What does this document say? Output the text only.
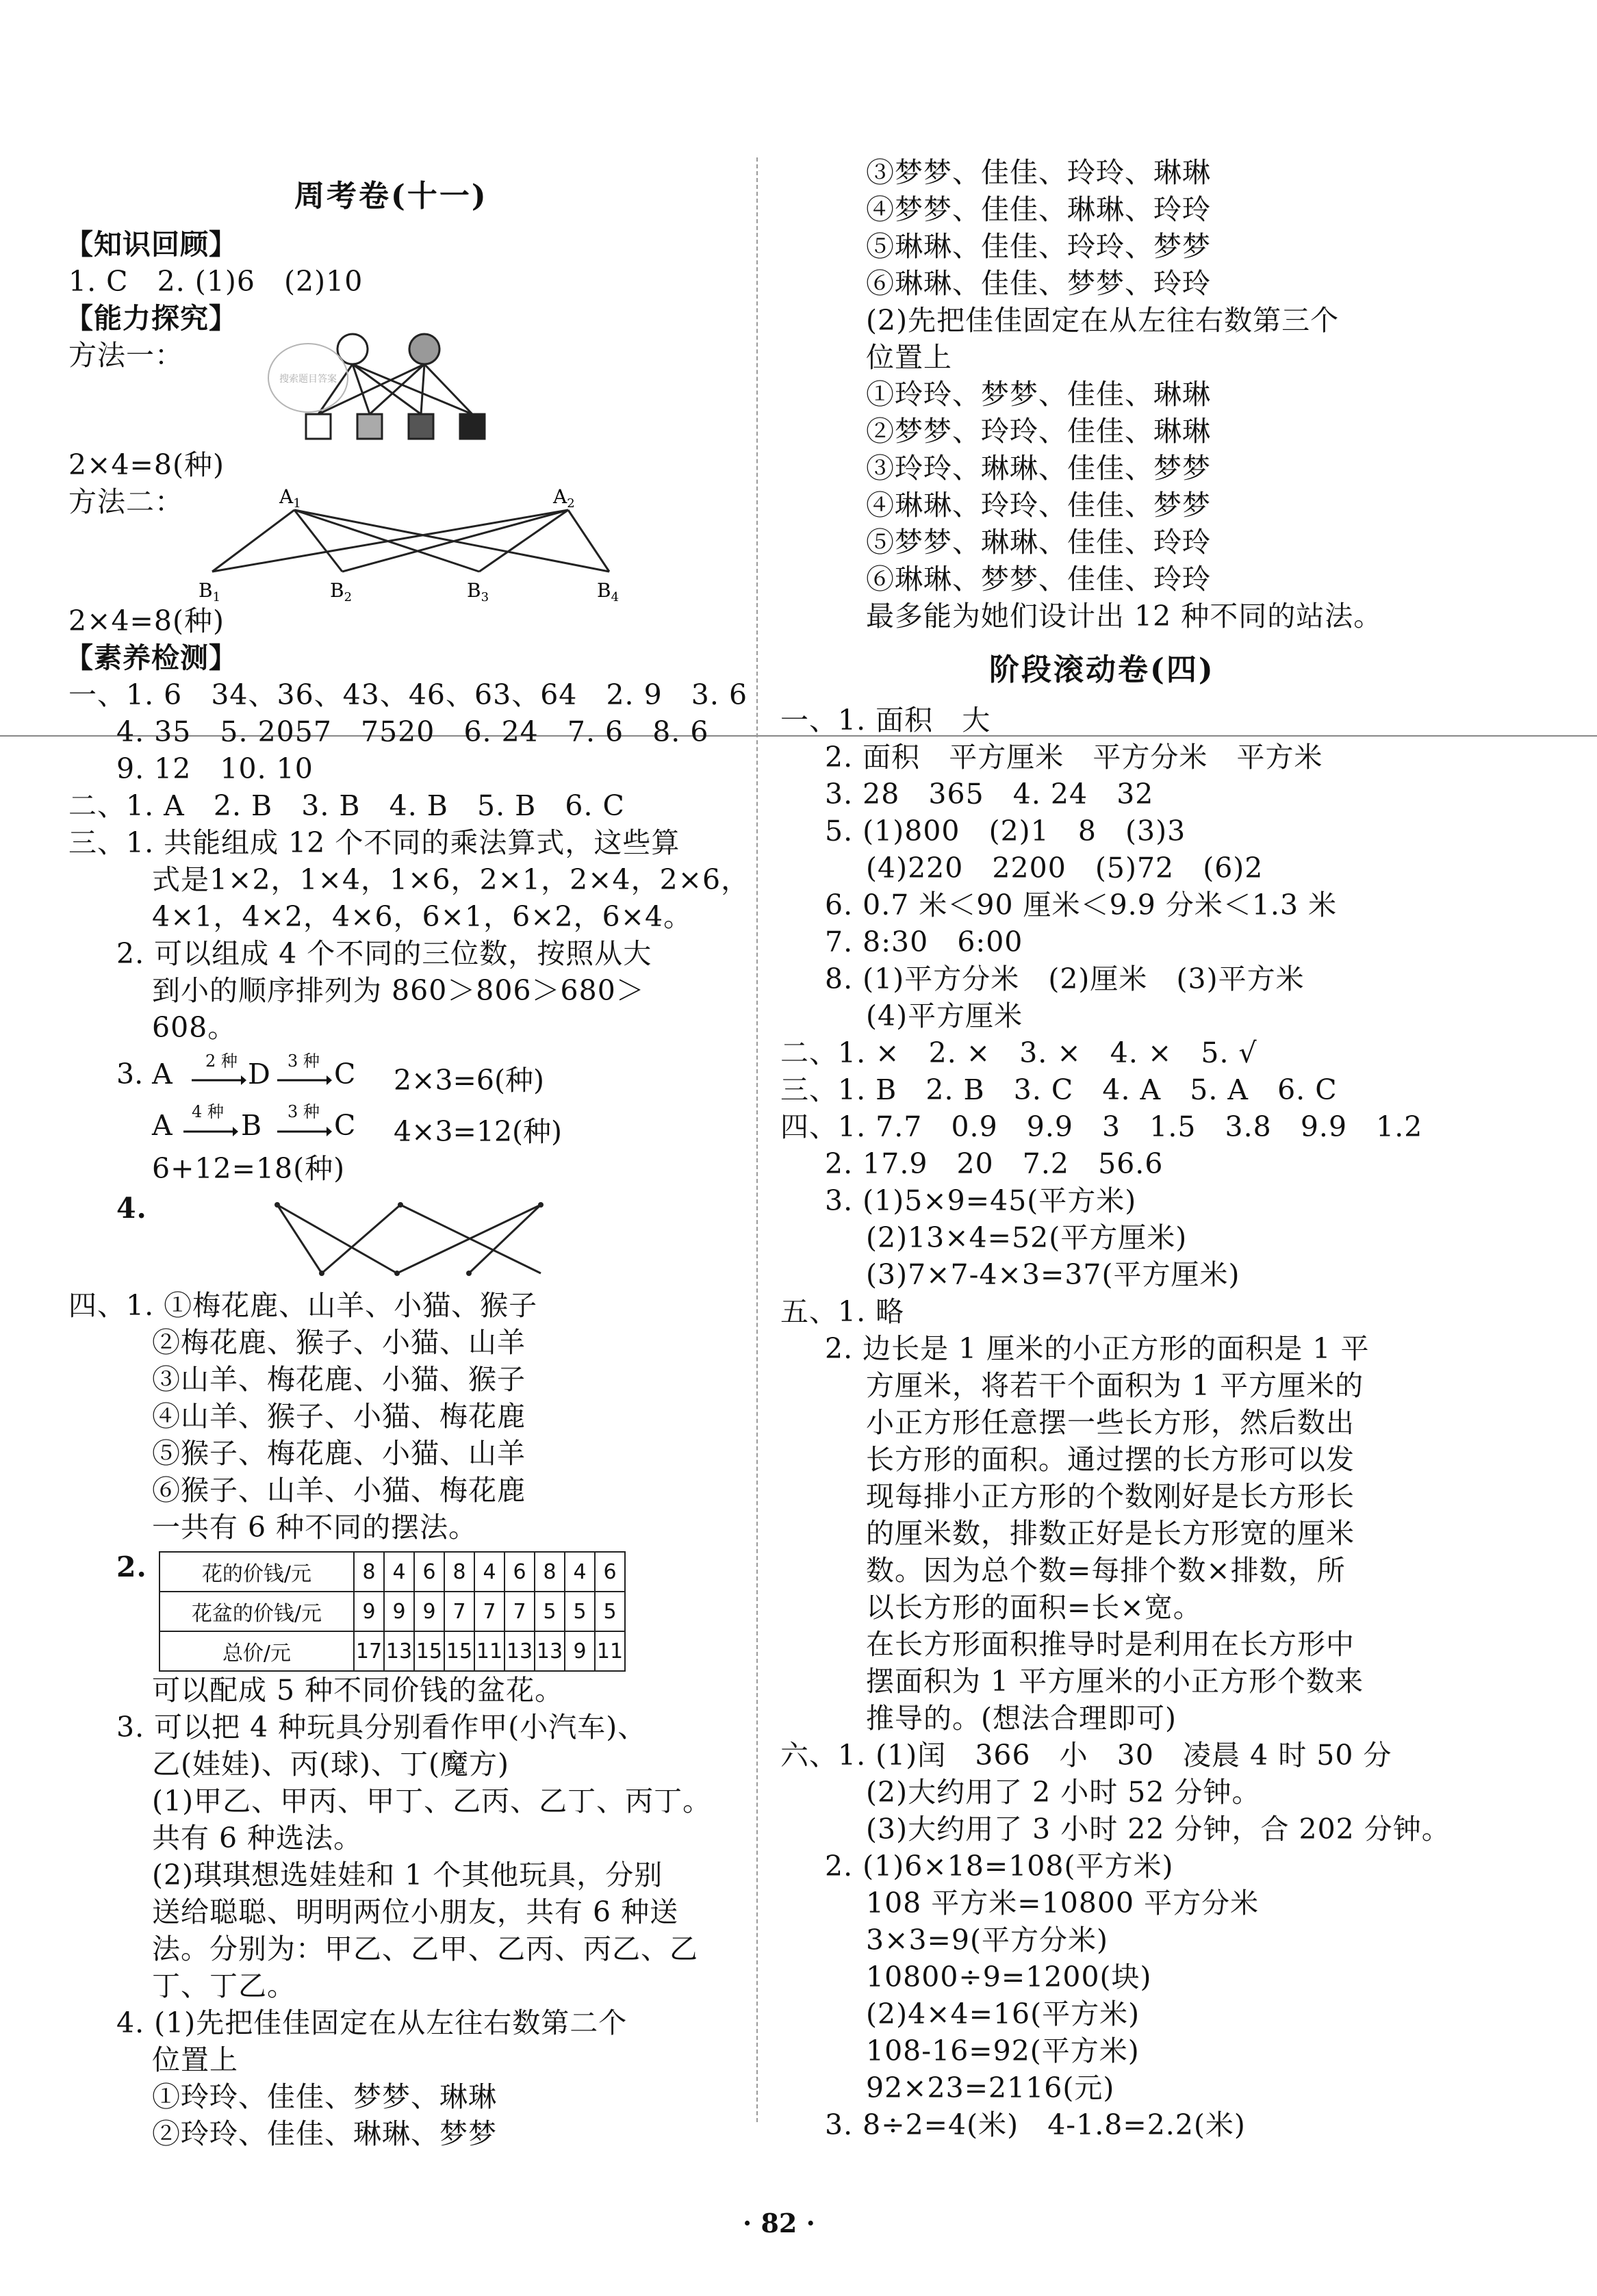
周考卷(十一)
【知识回顾】
1. C   2. (1)6   (2)10
【能力探究】
方法一：
搜索题目答案
2×4=8(种)
方法二：	$A_1$	$A_2$
$B_1$	$B_2$	$B_3$	$B_4$
2×4=8(种)
【素养检测】
一、1. 6   34、36、43、46、63、64   2. 9   3. 6
4. 35   5. 2057   7520   6. 24   7. 6   8. 6
9. 12   10. 10
二、1. A   2. B   3. B   4. B   5. B   6. C
三、1. 共能组成 12 个不同的乘法算式，这些算
式是1×2，1×4，1×6，2×1，2×4，2×6，
4×1，4×2，4×6，6×1，6×2，6×4。
2. 可以组成 4 个不同的三位数，按照从大
到小的顺序排列为 860＞806＞680＞
608。
2 种	3 种
3. A	D C 2×3=6(种)
4 种	3 种
A B	C 4×3=12(种)
6+12=18(种)
4.
四、1. ①梅花鹿、山羊、小猫、猴子
②梅花鹿、猴子、小猫、山羊
③山羊、梅花鹿、小猫、猴子
④山羊、猴子、小猫、梅花鹿
⑤猴子、梅花鹿、小猫、山羊
⑥猴子、山羊、小猫、梅花鹿
一共有 6 种不同的摆法。
2.	花的价钱/元	8	4	6	8	4	6	8	4	6
花盆的价钱/元	9	9	9	7	7	7	5	5	5
总价/元	17	13	15	15	11	13	13	9	11
可以配成 5 种不同价钱的盆花。
3. 可以把 4 种玩具分别看作甲(小汽车)、
乙(娃娃)、丙(球)、丁(魔方)
(1)甲乙、甲丙、甲丁、乙丙、乙丁、丙丁。
共有 6 种选法。
(2)琪琪想选娃娃和 1 个其他玩具，分别
送给聪聪、明明两位小朋友，共有 6 种送
法。分别为：甲乙、乙甲、乙丙、丙乙、乙
丁、丁乙。
4. (1)先把佳佳固定在从左往右数第二个
位置上
①玲玲、佳佳、梦梦、琳琳
②玲玲、佳佳、琳琳、梦梦
③梦梦、佳佳、玲玲、琳琳
④梦梦、佳佳、琳琳、玲玲
⑤琳琳、佳佳、玲玲、梦梦
⑥琳琳、佳佳、梦梦、玲玲
(2)先把佳佳固定在从左往右数第三个
位置上
①玲玲、梦梦、佳佳、琳琳
②梦梦、玲玲、佳佳、琳琳
③玲玲、琳琳、佳佳、梦梦
④琳琳、玲玲、佳佳、梦梦
⑤梦梦、琳琳、佳佳、玲玲
⑥琳琳、梦梦、佳佳、玲玲
最多能为她们设计出 12 种不同的站法。
阶段滚动卷(四)
一、1. 面积   大
2. 面积   平方厘米   平方分米   平方米
3. 28   365   4. 24   32
5. (1)800   (2)1   8   (3)3
(4)220   2200   (5)72   (6)2
6. 0.7 米＜90 厘米＜9.9 分米＜1.3 米
7. 8:30   6:00
8. (1)平方分米   (2)厘米   (3)平方米
(4)平方厘米
二、1. ×   2. ×   3. ×   4. ×   5. √
三、1. B   2. B   3. C   4. A   5. A   6. C
四、1. 7.7   0.9   9.9   3   1.5   3.8   9.9   1.2
2. 17.9   20   7.2   56.6
3. (1)5×9=45(平方米)
(2)13×4=52(平方厘米)
(3)7×7-4×3=37(平方厘米)
五、1. 略
2. 边长是 1 厘米的小正方形的面积是 1 平
方厘米，将若干个面积为 1 平方厘米的
小正方形任意摆一些长方形，然后数出
长方形的面积。通过摆的长方形可以发
现每排小正方形的个数刚好是长方形长
的厘米数，排数正好是长方形宽的厘米
数。因为总个数=每排个数×排数，所
以长方形的面积=长×宽。
在长方形面积推导时是利用在长方形中
摆面积为 1 平方厘米的小正方形个数来
推导的。(想法合理即可)
六、1. (1)闰   366   小   30   凌晨 4 时 50 分
(2)大约用了 2 小时 52 分钟。
(3)大约用了 3 小时 22 分钟，合 202 分钟。
2. (1)6×18=108(平方米)
108 平方米=10800 平方分米
3×3=9(平方分米)
10800÷9=1200(块)
(2)4×4=16(平方米)
108-16=92(平方米)
92×23=2116(元)
3. 8÷2=4(米)   4-1.8=2.2(米)
· 82 ·
